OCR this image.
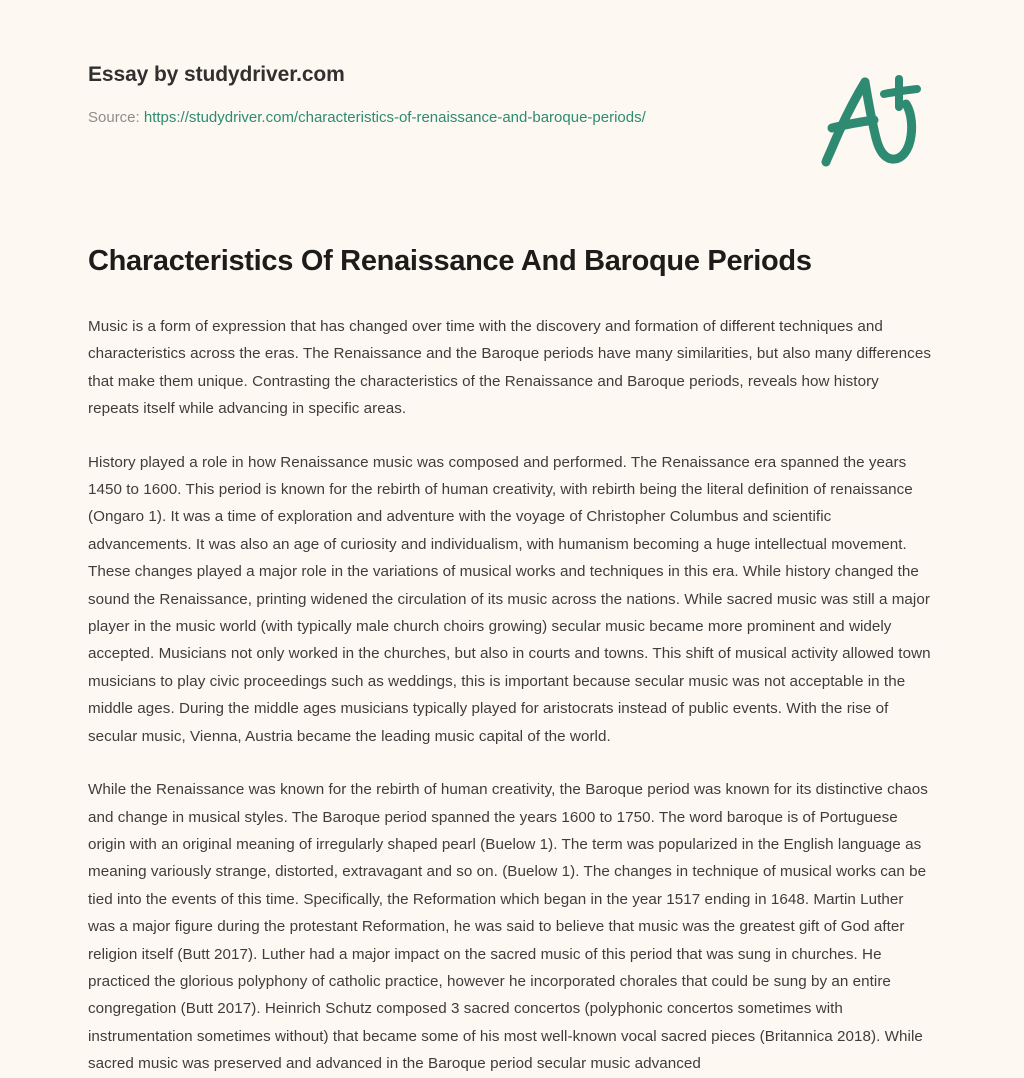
Essay by studydriver.com
Source: https://studydriver.com/characteristics-of-renaissance-and-baroque-periods/
Characteristics Of Renaissance And Baroque Periods

Music is a form of expression that has changed over time with the discovery and formation of different techniques and characteristics across the eras. The Renaissance and the Baroque periods have many similarities, but also many differences that make them unique. Contrasting the characteristics of the Renaissance and Baroque periods, reveals how history repeats itself while advancing in specific areas.

History played a role in how Renaissance music was composed and performed. The Renaissance era spanned the years 1450 to 1600. This period is known for the rebirth of human creativity, with rebirth being the literal definition of renaissance (Ongaro 1). It was a time of exploration and adventure with the voyage of Christopher Columbus and scientific advancements. It was also an age of curiosity and individualism, with humanism becoming a huge intellectual movement. These changes played a major role in the variations of musical works and techniques in this era. While history changed the sound the Renaissance, printing widened the circulation of its music across the nations. While sacred music was still a major player in the music world (with typically male church choirs growing) secular music became more prominent and widely accepted. Musicians not only worked in the churches, but also in courts and towns. This shift of musical activity allowed town musicians to play civic proceedings such as weddings, this is important because secular music was not acceptable in the middle ages. During the middle ages musicians typically played for aristocrats instead of public events. With the rise of secular music, Vienna, Austria became the leading music capital of the world.

While the Renaissance was known for the rebirth of human creativity, the Baroque period was known for its distinctive chaos and change in musical styles. The Baroque period spanned the years 1600 to 1750. The word baroque is of Portuguese origin with an original meaning of irregularly shaped pearl (Buelow 1). The term was popularized in the English language as meaning variously strange, distorted, extravagant and so on. (Buelow 1). The changes in technique of musical works can be tied into the events of this time. Specifically, the Reformation which began in the year 1517 ending in 1648. Martin Luther was a major figure during the protestant Reformation, he was said to believe that music was the greatest gift of God after religion itself (Butt 2017). Luther had a major impact on the sacred music of this period that was sung in churches. He practiced the glorious polyphony of catholic practice, however he incorporated chorales that could be sung by an entire congregation (Butt 2017). Heinrich Schutz composed 3 sacred concertos (polyphonic concertos sometimes with instrumentation sometimes without) that became some of his most well-known vocal sacred pieces (Britannica 2018). While sacred music was preserved and advanced in the Baroque period secular music advanced
